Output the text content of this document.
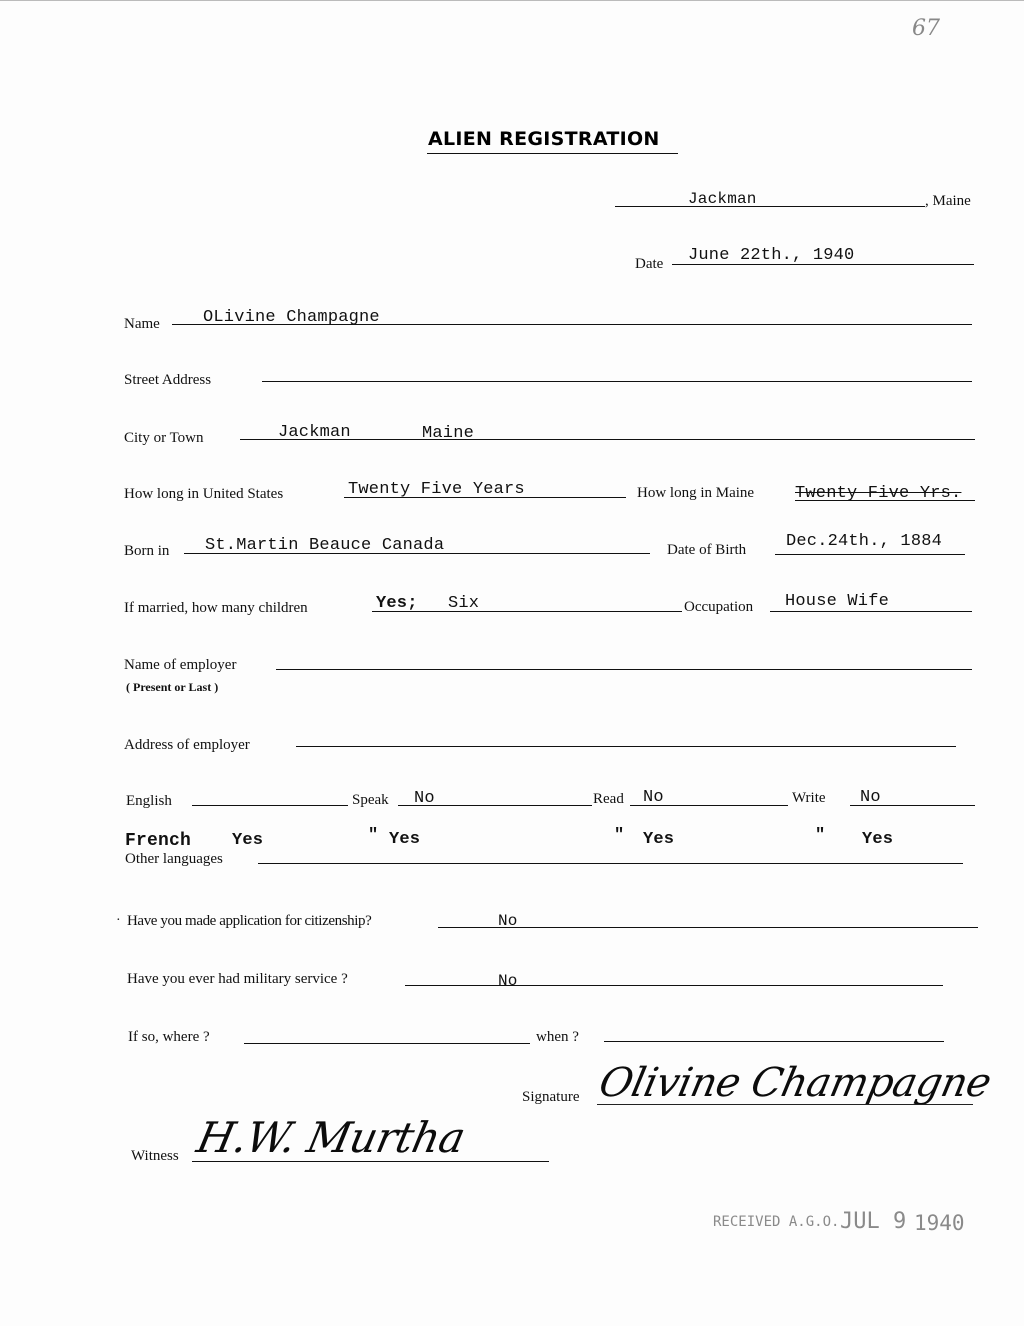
67
ALIEN REGISTRATION
Jackman	, Maine
Date June 22th., 1940
Name	OLivine Champagne
Street Address
City or Town	Jackman	Maine
How long in United States	Twenty Five Years	How long in Maine Twenty Five Yrs.
Born in St.Martin Beauce Canada	Date of Birth Dec.24th., 1884
If married, how many children	Yes; Six	Occupation House Wife
Name of employer
( Present or Last )
Address of employer
English	Speak No	Read No	Write No
French Yes	" Yes	" Yes	" Yes
Other languages
· Have you made application for citizenship?	No
Have you ever had military service ?	No
If so, where ?	when ?
Signature Olivine Champagne
Witness H.W. Murtha
RECEIVED A.G.O. JUL 9 1940
